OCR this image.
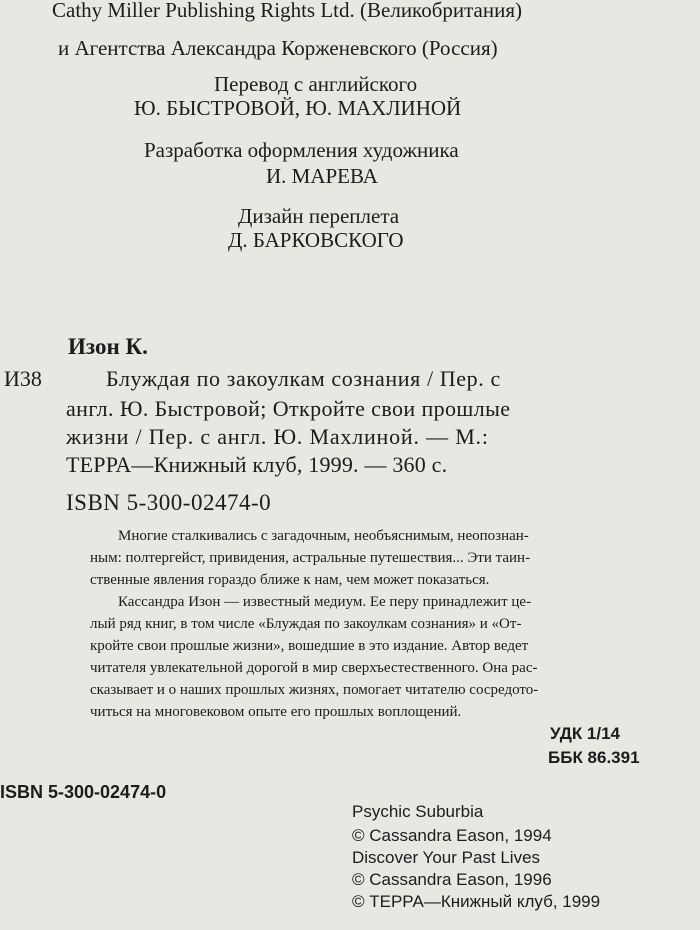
Cathy Miller Publishing Rights Ltd. (Великобритания)
и Агентства Александра Корженевского (Россия)
Перевод с английского
Ю. БЫСТРОВОЙ, Ю. МАХЛИНОЙ
Разработка оформления художника
И. МАРЕВА
Дизайн переплета
Д. БАРКОВСКОГО
Изон К.
И38	Блуждая по закоулкам сознания / Пер. с
англ. Ю. Быстровой; Откройте свои прошлые
жизни / Пер. с англ. Ю. Махлиной. — М.:
ТЕРРА—Книжный клуб, 1999. — 360 с.
ISBN 5-300-02474-0
Многие сталкивались с загадочным, необъяснимым, неопознан-
ным: полтергейст, привидения, астральные путешествия... Эти таин-
ственные явления гораздо ближе к нам, чем может показаться.
Кассандра Изон — известный медиум. Ее перу принадлежит це-
лый ряд книг, в том числе «Блуждая по закоулкам сознания» и «От-
кройте свои прошлые жизни», вошедшие в это издание. Автор ведет
читателя увлекательной дорогой в мир сверхъестественного. Она рас-
сказывает и о наших прошлых жизнях, помогает читателю сосредото-
читься на многовековом опыте его прошлых воплощений.
УДК 1/14
ББК 86.391

ISBN 5-300-02474-0
Psychic Suburbia
© Cassandra Eason, 1994
Discover Your Past Lives
© Cassandra Eason, 1996
© ТЕРРА—Книжный клуб, 1999
